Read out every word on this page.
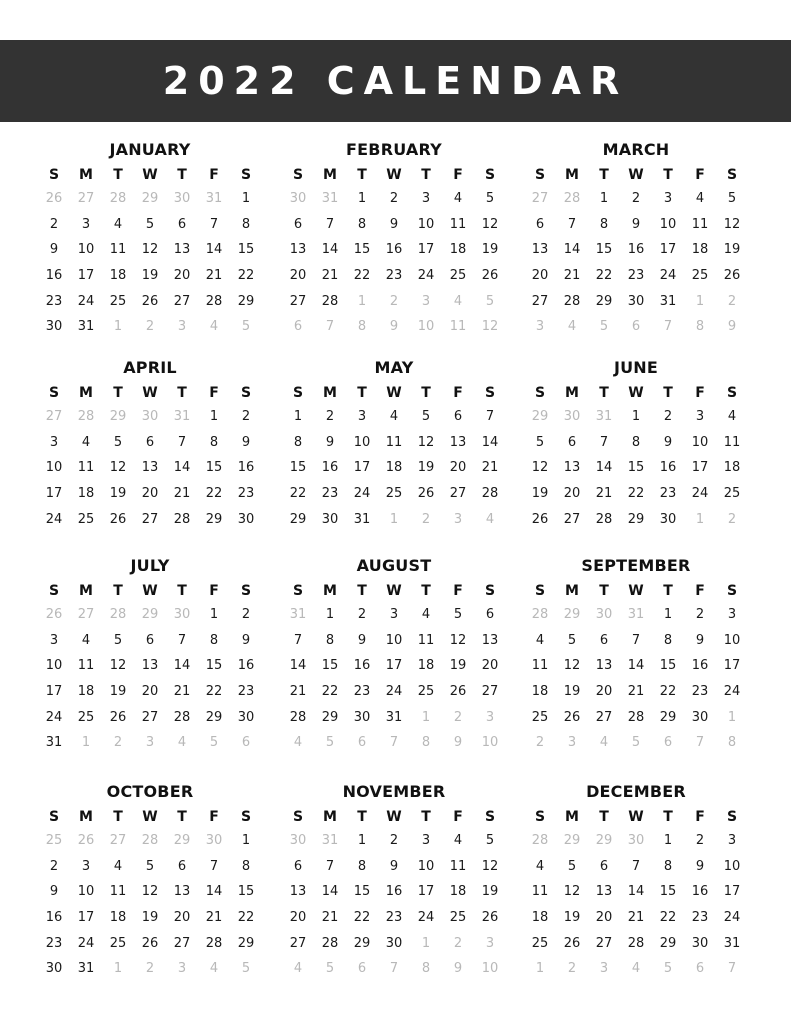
2022 CALENDAR
JANUARY
S	M	T	W	T	F	S
26	27	28	29	30	31	1
2	3	4	5	6	7	8
9	10	11	12	13	14	15
16	17	18	19	20	21	22
23	24	25	26	27	28	29
30	31	1	2	3	4	5
FEBRUARY
S	M	T	W	T	F	S
30	31	1	2	3	4	5
6	7	8	9	10	11	12
13	14	15	16	17	18	19
20	21	22	23	24	25	26
27	28	1	2	3	4	5
6	7	8	9	10	11	12
MARCH
S	M	T	W	T	F	S
27	28	1	2	3	4	5
6	7	8	9	10	11	12
13	14	15	16	17	18	19
20	21	22	23	24	25	26
27	28	29	30	31	1	2
3	4	5	6	7	8	9
APRIL
S	M	T	W	T	F	S
27	28	29	30	31	1	2
3	4	5	6	7	8	9
10	11	12	13	14	15	16
17	18	19	20	21	22	23
24	25	26	27	28	29	30
MAY
S	M	T	W	T	F	S
1	2	3	4	5	6	7
8	9	10	11	12	13	14
15	16	17	18	19	20	21
22	23	24	25	26	27	28
29	30	31	1	2	3	4
JUNE
S	M	T	W	T	F	S
29	30	31	1	2	3	4
5	6	7	8	9	10	11
12	13	14	15	16	17	18
19	20	21	22	23	24	25
26	27	28	29	30	1	2
JULY
S	M	T	W	T	F	S
26	27	28	29	30	1	2
3	4	5	6	7	8	9
10	11	12	13	14	15	16
17	18	19	20	21	22	23
24	25	26	27	28	29	30
31	1	2	3	4	5	6
AUGUST
S	M	T	W	T	F	S
31	1	2	3	4	5	6
7	8	9	10	11	12	13
14	15	16	17	18	19	20
21	22	23	24	25	26	27
28	29	30	31	1	2	3
4	5	6	7	8	9	10
SEPTEMBER
S	M	T	W	T	F	S
28	29	30	31	1	2	3
4	5	6	7	8	9	10
11	12	13	14	15	16	17
18	19	20	21	22	23	24
25	26	27	28	29	30	1
2	3	4	5	6	7	8
OCTOBER
S	M	T	W	T	F	S
25	26	27	28	29	30	1
2	3	4	5	6	7	8
9	10	11	12	13	14	15
16	17	18	19	20	21	22
23	24	25	26	27	28	29
30	31	1	2	3	4	5
NOVEMBER
S	M	T	W	T	F	S
30	31	1	2	3	4	5
6	7	8	9	10	11	12
13	14	15	16	17	18	19
20	21	22	23	24	25	26
27	28	29	30	1	2	3
4	5	6	7	8	9	10
DECEMBER
S	M	T	W	T	F	S
28	29	29	30	1	2	3
4	5	6	7	8	9	10
11	12	13	14	15	16	17
18	19	20	21	22	23	24
25	26	27	28	29	30	31
1	2	3	4	5	6	7
